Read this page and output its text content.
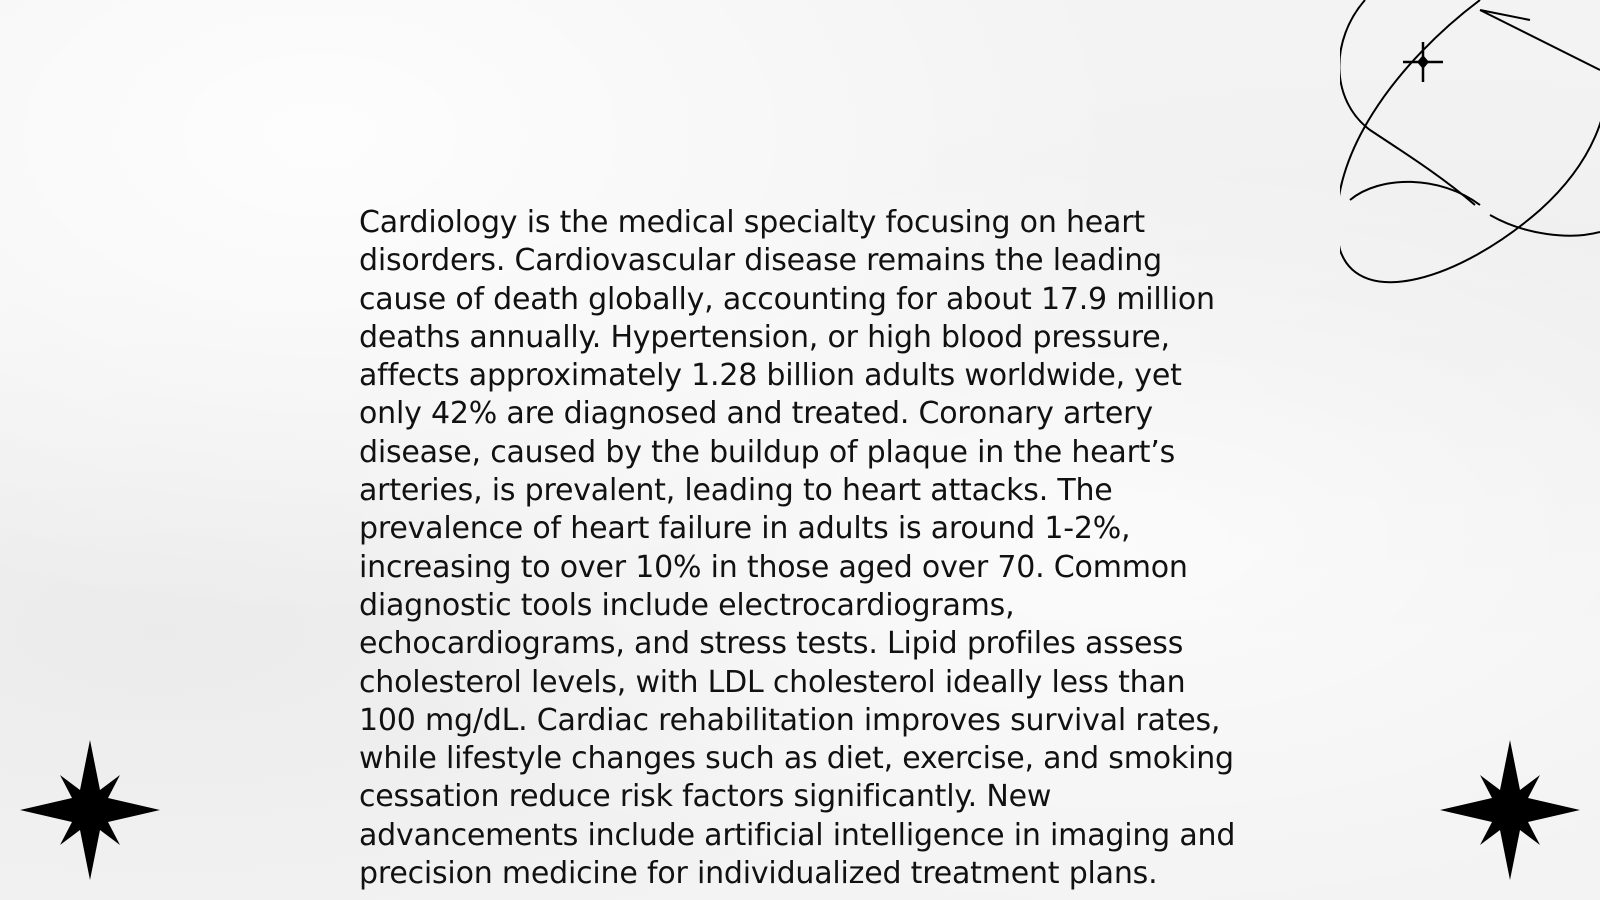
Cardiology is the medical specialty focusing on heart disorders. Cardiovascular disease remains the leading cause of death globally, accounting for about 17.9 million deaths annually. Hypertension, or high blood pressure, affects approximately 1.28 billion adults worldwide, yet only 42% are diagnosed and treated. Coronary artery disease, caused by the buildup of plaque in the heart’s arteries, is prevalent, leading to heart attacks. The prevalence of heart failure in adults is around 1-2%, increasing to over 10% in those aged over 70. Common diagnostic tools include electrocardiograms, echocardiograms, and stress tests. Lipid profiles assess cholesterol levels, with LDL cholesterol ideally less than 100 mg/dL. Cardiac rehabilitation improves survival rates, while lifestyle changes such as diet, exercise, and smoking cessation reduce risk factors significantly. New advancements include artificial intelligence in imaging and precision medicine for individualized treatment plans.
